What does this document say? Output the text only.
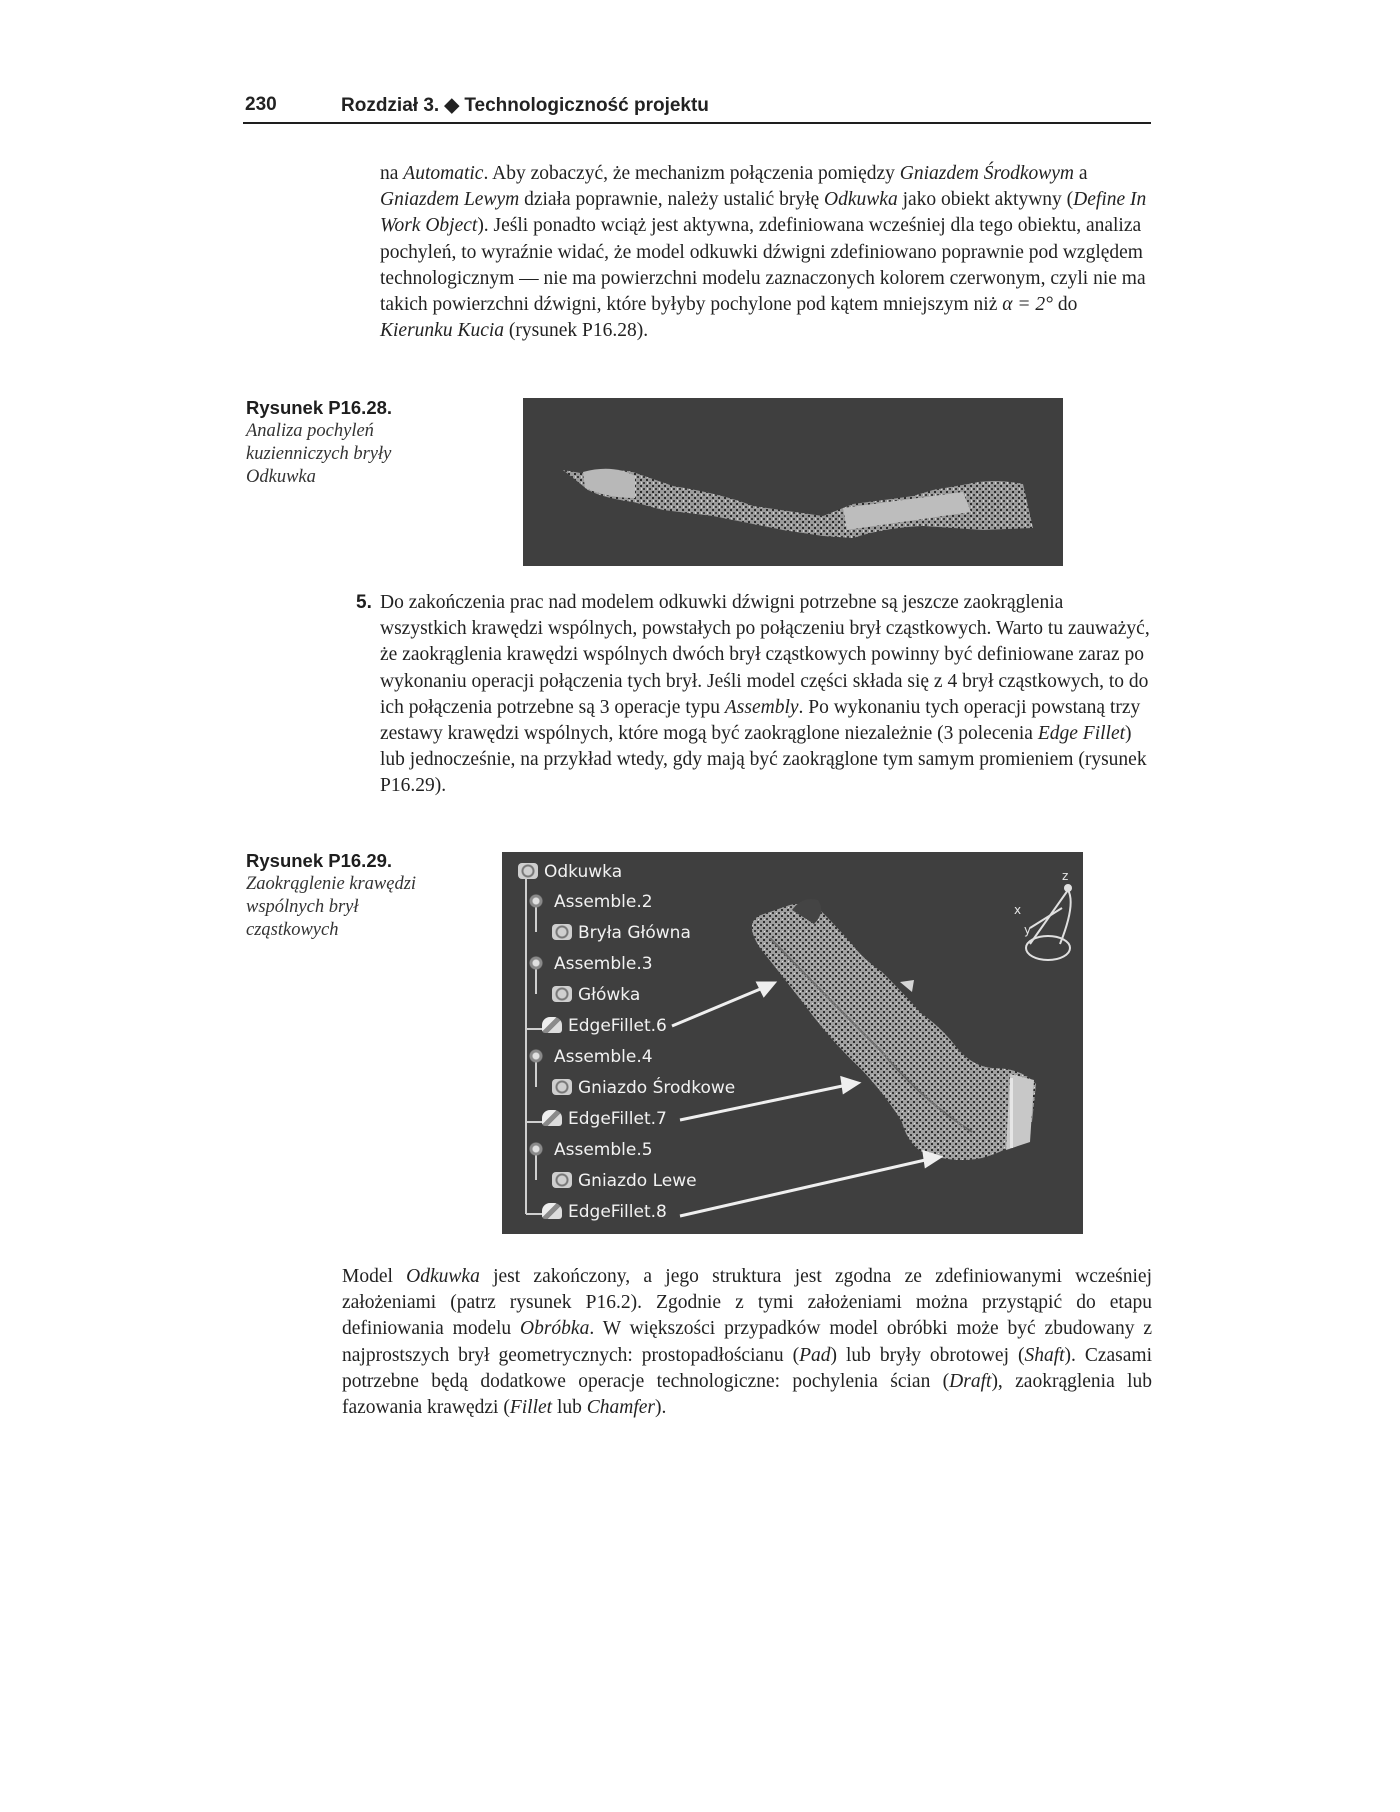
230	Rozdział 3. ◆ Technologiczność projektu
na Automatic. Aby zobaczyć, że mechanizm połączenia pomiędzy Gniazdem Środkowym a Gniazdem Lewym działa poprawnie, należy ustalić bryłę Odkuwka jako obiekt aktywny (Define In Work Object). Jeśli ponadto wciąż jest aktywna, zdefiniowana wcześniej dla tego obiektu, analiza pochyleń, to wyraźnie widać, że model odkuwki dźwigni zdefiniowano poprawnie pod względem technologicznym — nie ma powierzchni modelu zaznaczonych kolorem czerwonym, czyli nie ma takich powierzchni dźwigni, które byłyby pochylone pod kątem mniejszym niż α = 2° do Kierunku Kucia (rysunek P16.28).
Rysunek P16.28.
Analiza pochyleń kuzienniczych bryły Odkuwka
5. Do zakończenia prac nad modelem odkuwki dźwigni potrzebne są jeszcze zaokrąglenia wszystkich krawędzi wspólnych, powstałych po połączeniu brył cząstkowych. Warto tu zauważyć, że zaokrąglenia krawędzi wspólnych dwóch brył cząstkowych powinny być definiowane zaraz po wykonaniu operacji połączenia tych brył. Jeśli model części składa się z 4 brył cząstkowych, to do ich połączenia potrzebne są 3 operacje typu Assembly. Po wykonaniu tych operacji powstaną trzy zestawy krawędzi wspólnych, które mogą być zaokrąglone niezależnie (3 polecenia Edge Fillet) lub jednocześnie, na przykład wtedy, gdy mają być zaokrąglone tym samym promieniem (rysunek P16.29).
Rysunek P16.29.
Zaokrąglenie krawędzi wspólnych brył cząstkowych
z
x
y
Odkuwka
Assemble.2
Bryła Główna
Assemble.3
Główka
EdgeFillet.6
Assemble.4
Gniazdo Środkowe
EdgeFillet.7
Assemble.5
Gniazdo Lewe
EdgeFillet.8
Model Odkuwka jest zakończony, a jego struktura jest zgodna ze zdefiniowanymi wcześniej założeniami (patrz rysunek P16.2). Zgodnie z tymi założeniami można przystąpić do etapu definiowania modelu Obróbka. W większości przypadków model obróbki może być zbudowany z najprostszych brył geometrycznych: prostopadłościanu (Pad) lub bryły obrotowej (Shaft). Czasami potrzebne będą dodatkowe operacje technologiczne: pochylenia ścian (Draft), zaokrąglenia lub fazowania krawędzi (Fillet lub Chamfer).
